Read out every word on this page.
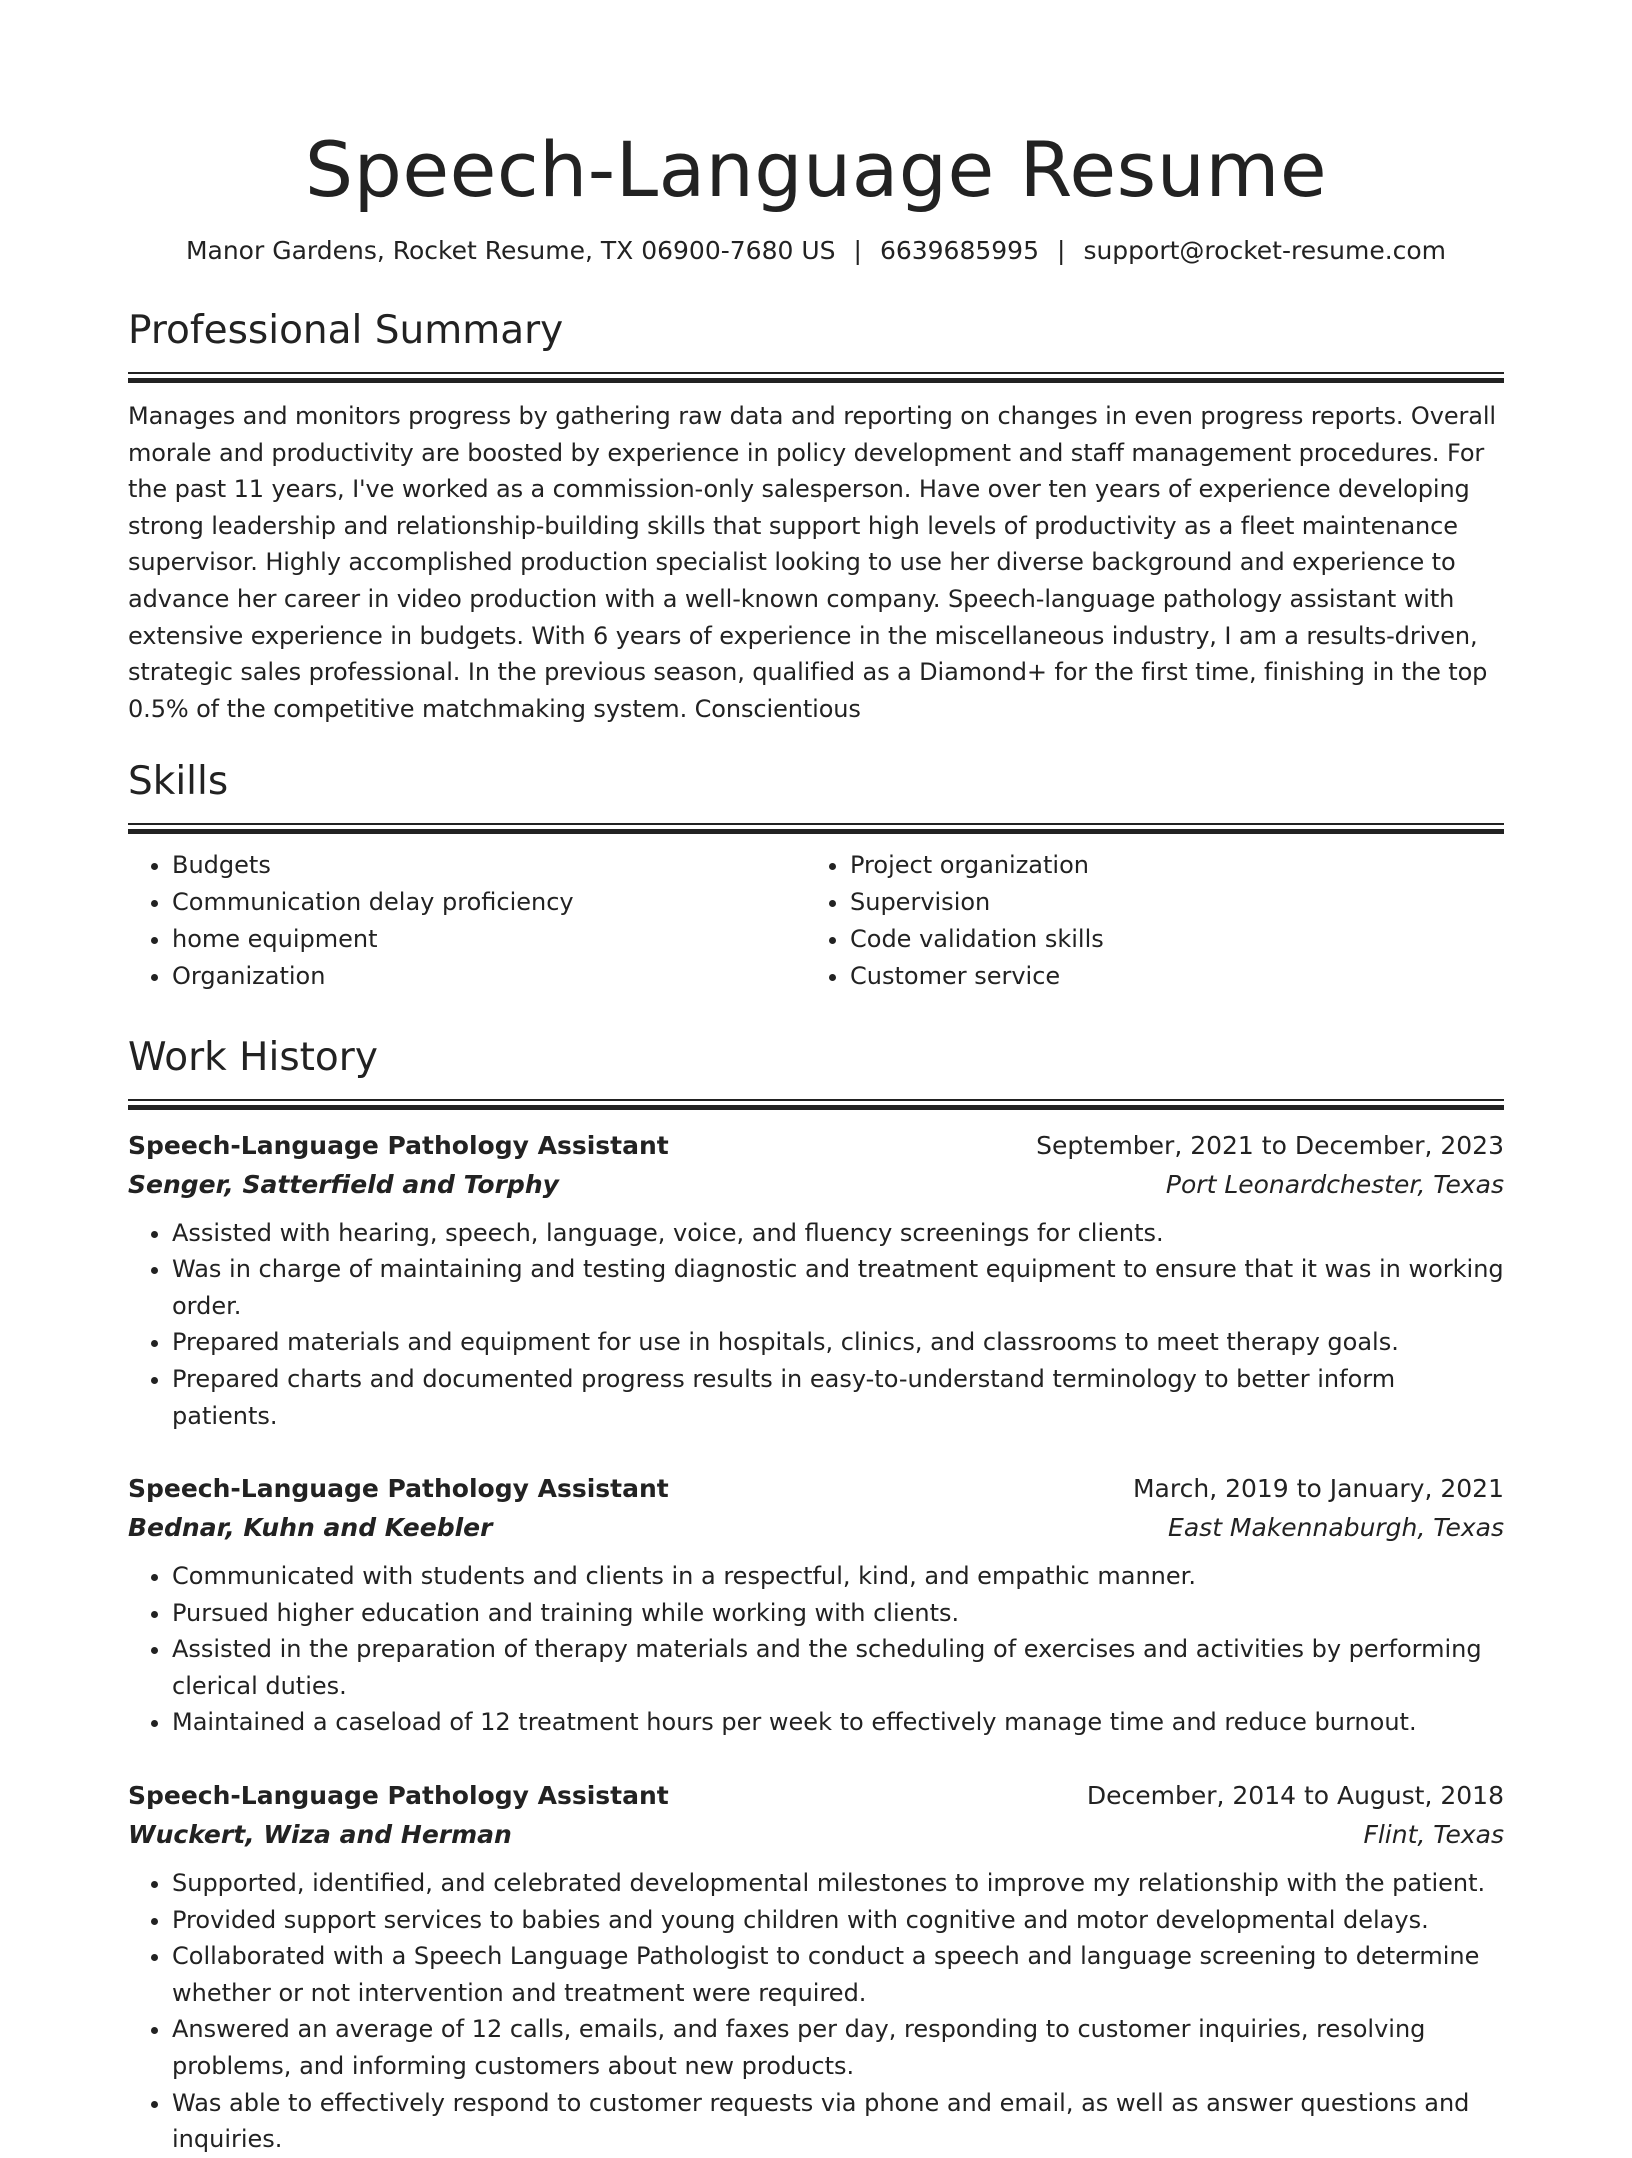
Speech-Language Resume
Manor Gardens, Rocket Resume, TX 06900-7680 US | 6639685995 | support@rocket-resume.com
Professional Summary

Manages and monitors progress by gathering raw data and reporting on changes in even progress reports. Overall morale and productivity are boosted by experience in policy development and staff management procedures. For the past 11 years, I've worked as a commission-only salesperson. Have over ten years of experience developing strong leadership and relationship-building skills that support high levels of productivity as a fleet maintenance supervisor. Highly accomplished production specialist looking to use her diverse background and experience to advance her career in video production with a well-known company. Speech-language pathology assistant with extensive experience in budgets. With 6 years of experience in the miscellaneous industry, I am a results-driven, strategic sales professional. In the previous season, qualified as a Diamond+ for the first time, finishing in the top 0.5% of the competitive matchmaking system. Conscientious

Skills
• Budgets
• Communication delay proficiency
• home equipment
• Organization
• Project organization
• Supervision
• Code validation skills
• Customer service
Work History
Speech-Language Pathology Assistant	September, 2021 to December, 2023
Senger, Satterfield and Torphy	Port Leonardchester, Texas
• Assisted with hearing, speech, language, voice, and fluency screenings for clients.
• Was in charge of maintaining and testing diagnostic and treatment equipment to ensure that it was in working order.
• Prepared materials and equipment for use in hospitals, clinics, and classrooms to meet therapy goals.
• Prepared charts and documented progress results in easy-to-understand terminology to better inform patients.
Speech-Language Pathology Assistant	March, 2019 to January, 2021
Bednar, Kuhn and Keebler	East Makennaburgh, Texas
• Communicated with students and clients in a respectful, kind, and empathic manner.
• Pursued higher education and training while working with clients.
• Assisted in the preparation of therapy materials and the scheduling of exercises and activities by performing clerical duties.
• Maintained a caseload of 12 treatment hours per week to effectively manage time and reduce burnout.
Speech-Language Pathology Assistant	December, 2014 to August, 2018
Wuckert, Wiza and Herman	Flint, Texas
• Supported, identified, and celebrated developmental milestones to improve my relationship with the patient.
• Provided support services to babies and young children with cognitive and motor developmental delays.
• Collaborated with a Speech Language Pathologist to conduct a speech and language screening to determine whether or not intervention and treatment were required.
• Answered an average of 12 calls, emails, and faxes per day, responding to customer inquiries, resolving problems, and informing customers about new products.
• Was able to effectively respond to customer requests via phone and email, as well as answer questions and inquiries.
